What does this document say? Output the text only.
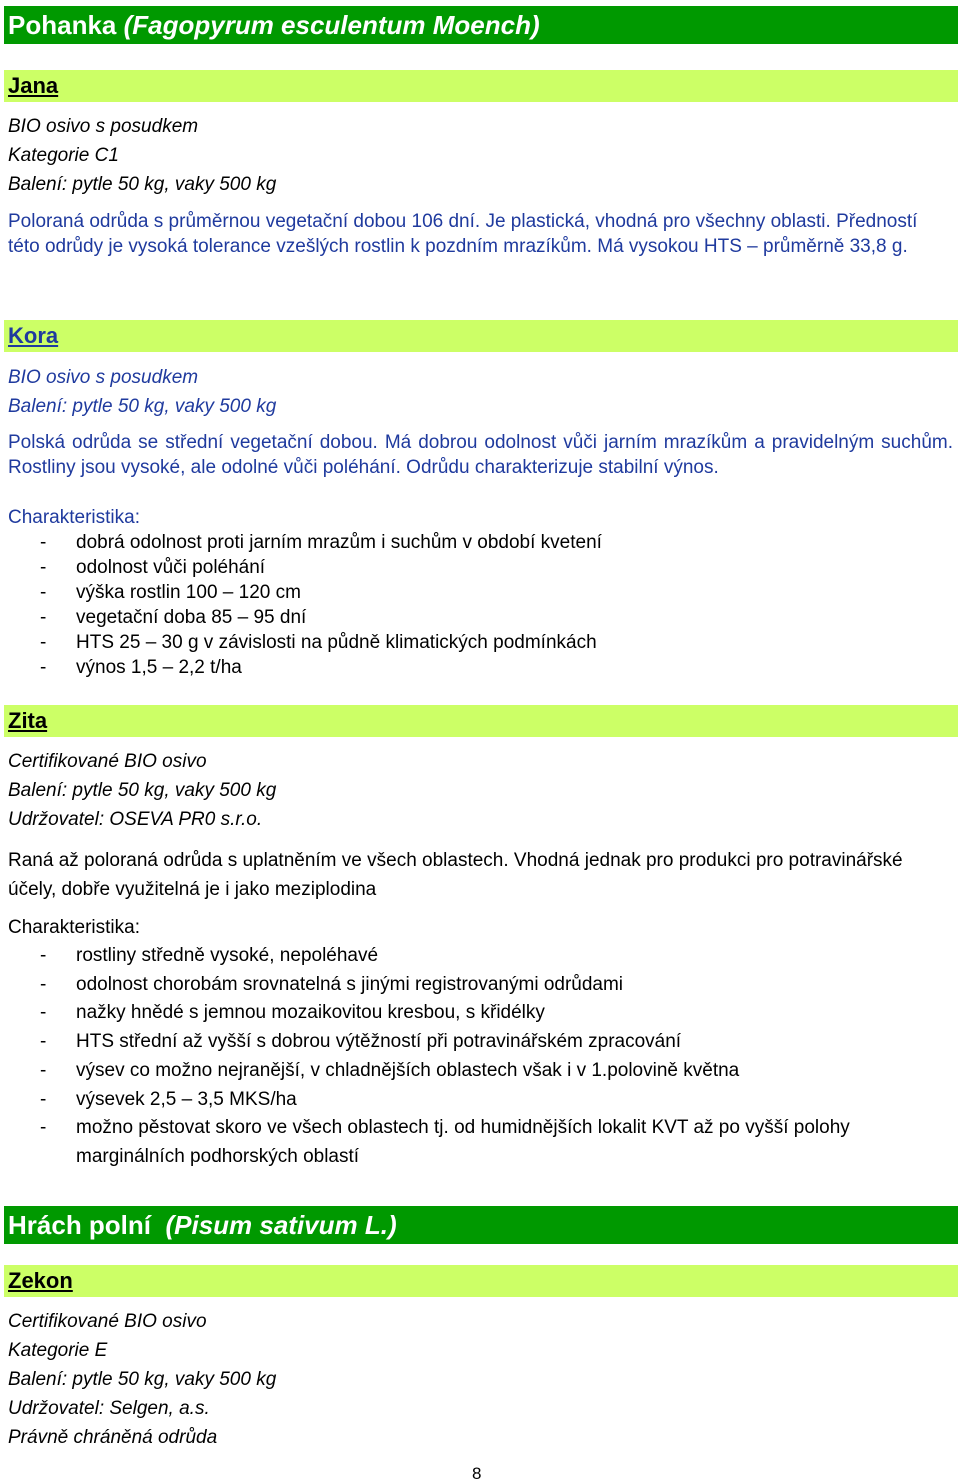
Pohanka (Fagopyrum esculentum Moench)
Jana
BIO osivo s posudkem
Kategorie C1
Balení: pytle 50 kg, vaky 500 kg
Poloraná odrůda s průměrnou vegetační dobou 106 dní. Je plastická, vhodná pro všechny oblasti. Předností této odrůdy je vysoká tolerance vzešlých rostlin k pozdním mrazíkům. Má vysokou HTS – průměrně 33,8 g.
Kora
BIO osivo s posudkem
Balení: pytle 50 kg, vaky 500 kg
Polská odrůda se střední vegetační dobou. Má dobrou odolnost vůči jarním mrazíkům a pravidelným suchům. Rostliny jsou vysoké, ale odolné vůči poléhání. Odrůdu charakterizuje stabilní výnos.
Charakteristika:
- dobrá odolnost proti jarním mrazům i suchům v období kvetení
- odolnost vůči poléhání
- výška rostlin 100 – 120 cm
- vegetační doba 85 – 95 dní
- HTS 25 – 30 g v závislosti na půdně klimatických podmínkách
- výnos 1,5 – 2,2 t/ha
Zita
Certifikované BIO osivo
Balení: pytle 50 kg, vaky 500 kg
Udržovatel: OSEVA PR0 s.r.o.
Raná až poloraná odrůda s uplatněním ve všech oblastech. Vhodná jednak pro produkci pro potravinářské účely, dobře využitelná je i jako meziplodina
Charakteristika:
- rostliny středně vysoké, nepoléhavé
- odolnost chorobám srovnatelná s jinými registrovanými odrůdami
- nažky hnědé s jemnou mozaikovitou kresbou, s křidélky
- HTS střední až vyšší s dobrou výtěžností při potravinářském zpracování
- výsev co možno nejranější, v chladnějších oblastech však i v 1.polovině května
- výsevek 2,5 – 3,5 MKS/ha
- možno pěstovat skoro ve všech oblastech tj. od humidnějších lokalit KVT až po vyšší polohy marginálních podhorských oblastí
Hrách polní  (Pisum sativum L.)
Zekon
Certifikované BIO osivo
Kategorie E
Balení: pytle 50 kg, vaky 500 kg
Udržovatel: Selgen, a.s.
Právně chráněná odrůda
8
